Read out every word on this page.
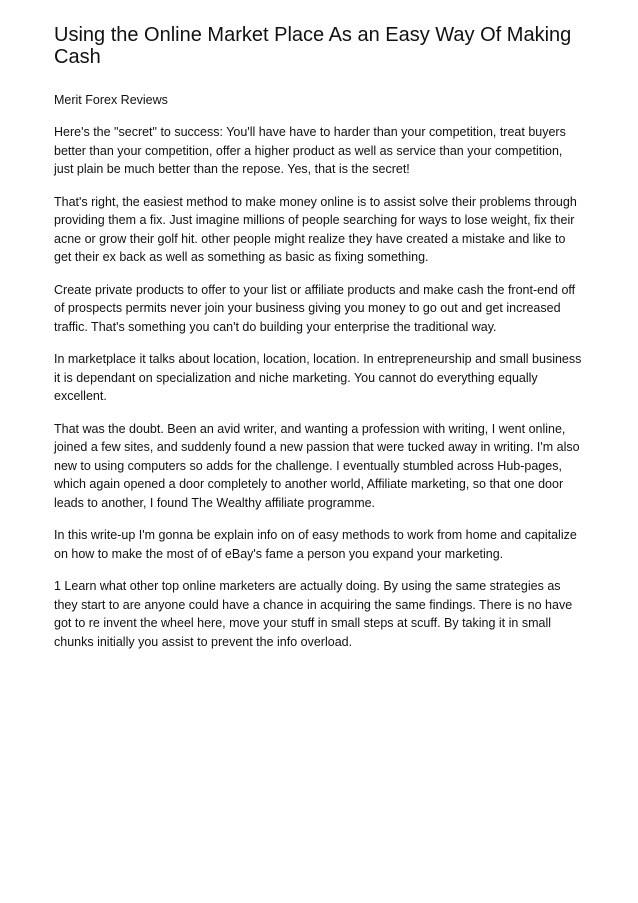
Using the Online Market Place As an Easy Way Of Making Cash
Merit Forex Reviews

Here's the "secret" to success: You'll have have to harder than your competition, treat buyers better than your competition, offer a higher product as well as service than your competition, just plain be much better than the repose. Yes, that is the secret!

That's right, the easiest method to make money online is to assist solve their problems through providing them a fix. Just imagine millions of people searching for ways to lose weight, fix their acne or grow their golf hit. other people might realize they have created a mistake and like to get their ex back as well as something as basic as fixing something.

Create private products to offer to your list or affiliate products and make cash the front-end off of prospects permits never join your business giving you money to go out and get increased traffic. That's something you can't do building your enterprise the traditional way.

In marketplace it talks about location, location, location. In entrepreneurship and small business it is dependant on specialization and niche marketing. You cannot do everything equally excellent.

That was the doubt. Been an avid writer, and wanting a profession with writing, I went online, joined a few sites, and suddenly found a new passion that were tucked away in writing. I'm also new to using computers so adds for the challenge. I eventually stumbled across Hub-pages, which again opened a door completely to another world, Affiliate marketing, so that one door leads to another, I found The Wealthy affiliate programme.

In this write-up I'm gonna be explain info on of easy methods to work from home and capitalize on how to make the most of of eBay's fame a person you expand your marketing.

1 Learn what other top online marketers are actually doing. By using the same strategies as they start to are anyone could have a chance in acquiring the same findings. There is no have got to re invent the wheel here, move your stuff in small steps at scuff. By taking it in small chunks initially you assist to prevent the info overload.
